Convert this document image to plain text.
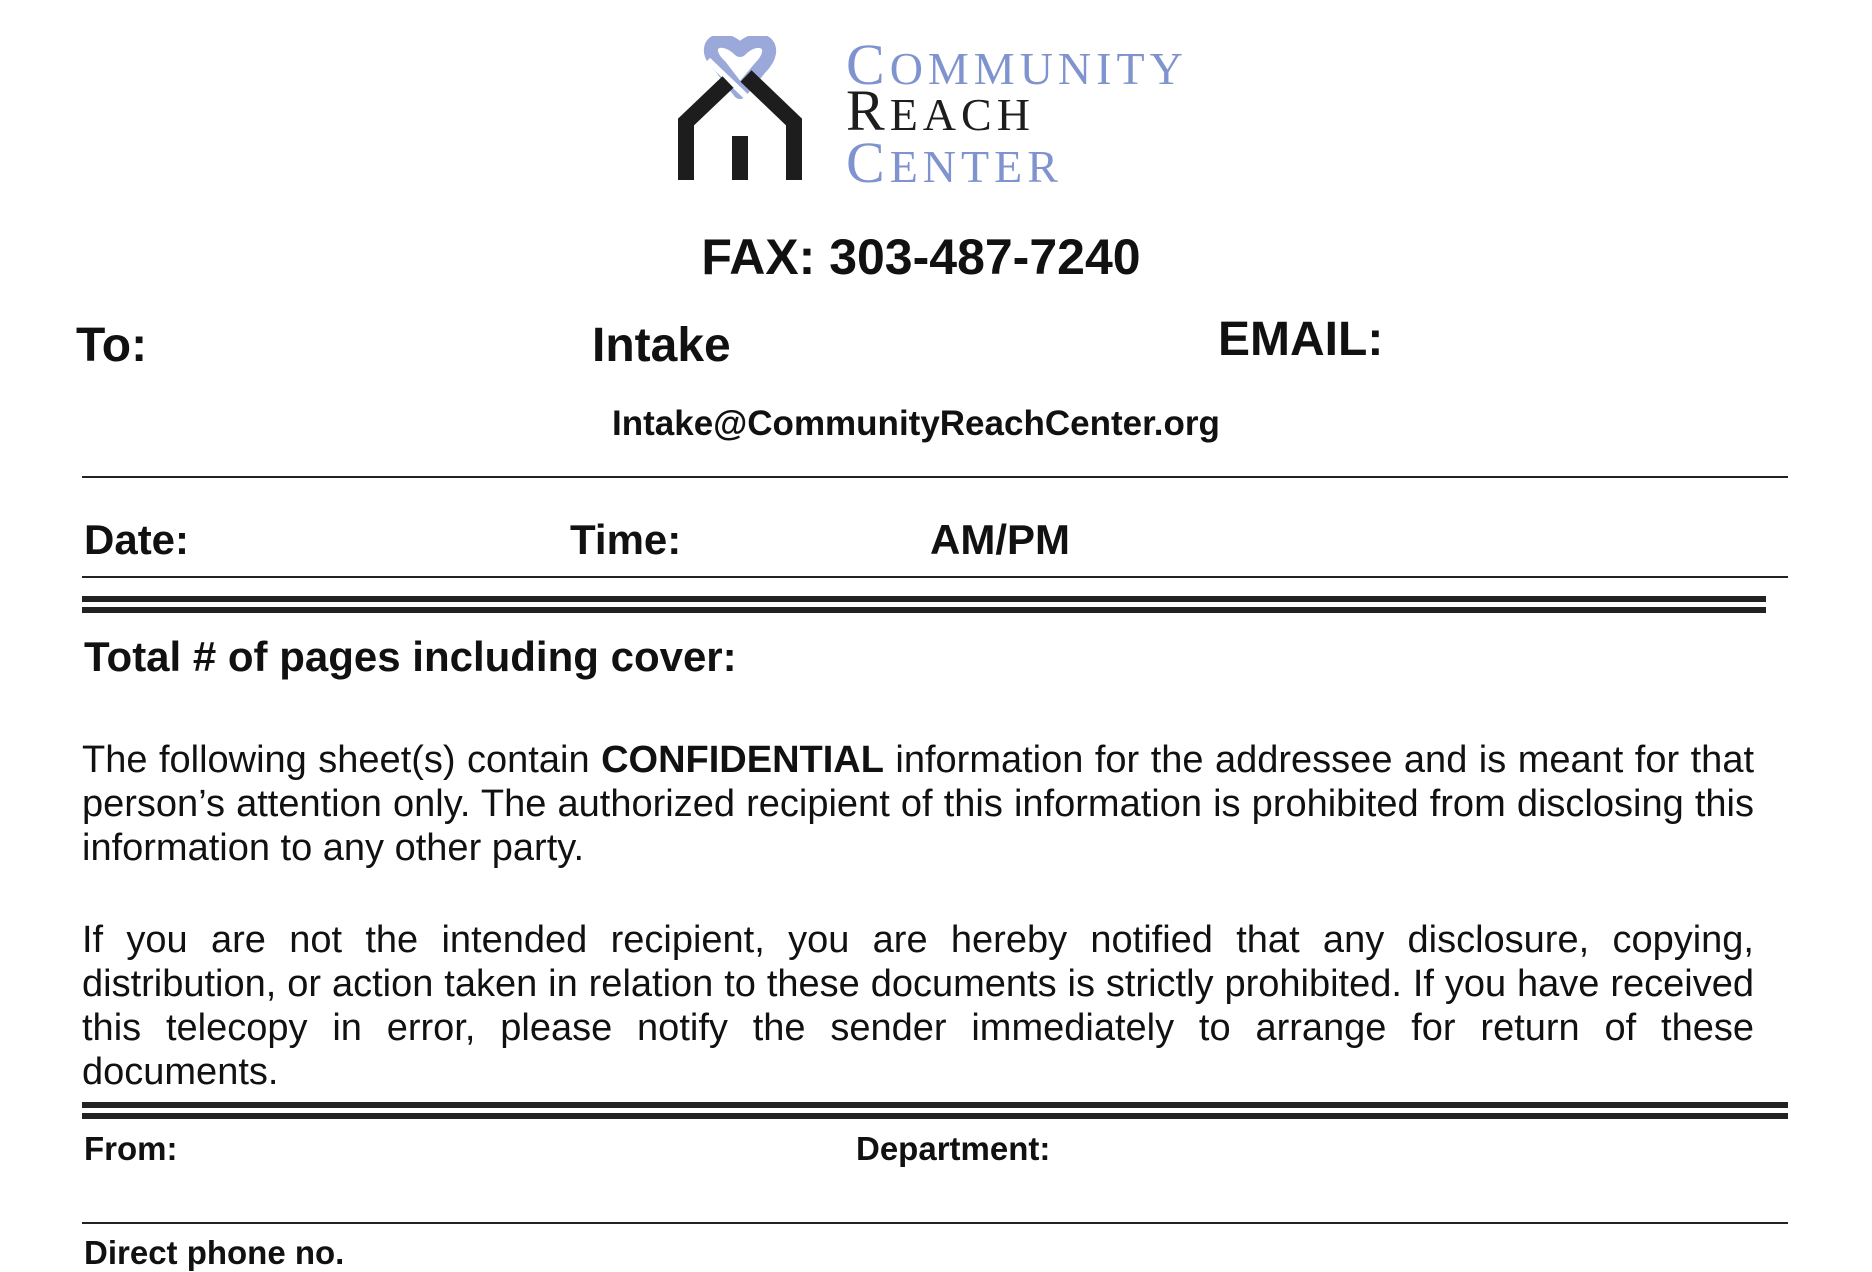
COMMUNITY
REACH
CENTER
FAX: 303-487-7240
To:	Intake	EMAIL:
Intake@CommunityReachCenter.org
Date:	Time:	AM/PM
Total # of pages including cover:

The following sheet(s) contain CONFIDENTIAL information for the addressee and is meant for that person’s attention only. The authorized recipient of this information is prohibited from disclosing this information to any other party.

If you are not the intended recipient, you are hereby notified that any disclosure, copying, distribution, or action taken in relation to these documents is strictly prohibited. If you have received this telecopy in error, please notify the sender immediately to arrange for return of these documents.

From:	Department:
Direct phone no.
